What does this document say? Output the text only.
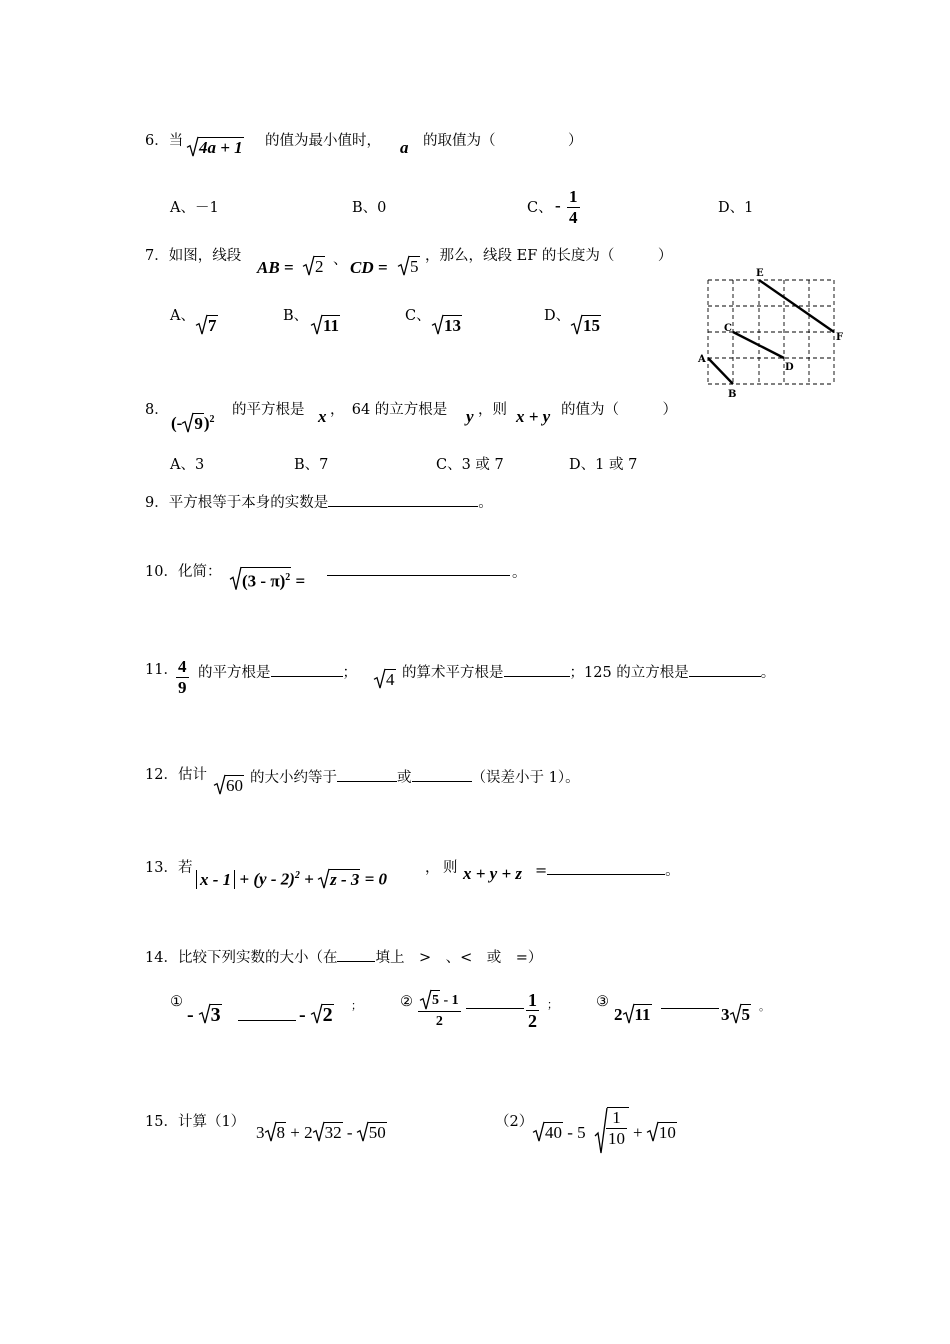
6．当 4a + 1 的值为最小值时， a 的取值为（　　　　　）
A、－1	B、0	C、 - $\frac{1}{4}$	D、1
7．如图，线段
AB =	2 、 CD =	5
，那么，线段 EF 的长度为（　　　）
A、 7	B、 11	C、 13	D、 15
A
B
C
D
E
F
8．
(- 9)$^2$
的平方根是 x ，　64 的立方根是 y ，则 x + y 的值为（　　　）
A、3	B、7	C、3 或 7	D、1 或 7
9．平方根等于本身的实数是	。
10．化简：	(3 - π)$^2$ =	。
11．
$\frac{4}{9}$ 的平方根是	；	4 的算术平方根是	；125 的立方根是	。
12．估计
60 的大小约等于	或	（误差小于 1）。
13．若
x - 1 + (y - 2)$^2$ + z - 3 = 0
， 则 x + y + z =	。
14．比较下列实数的大小（在	填上　>　、<　或　=）
①
- 3	- 2 ；	② $\frac{5 - 1}{2}$	$\frac{1}{2}$ ；	③
2 11	3 5 。
15．计算（1）
3 8 + 2 32 - 50
（2）
$40 - 5 \frac{1}{10} + 10$
